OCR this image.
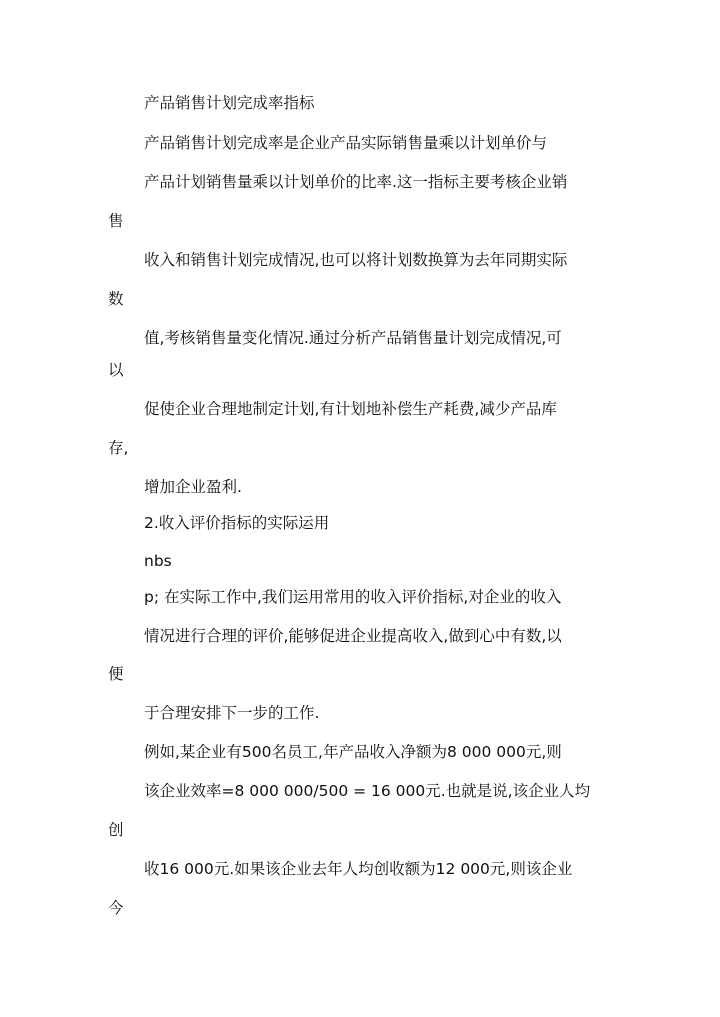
产品销售计划完成率指标
产品销售计划完成率是企业产品实际销售量乘以计划单价与
产品计划销售量乘以计划单价的比率.这一指标主要考核企业销
售
收入和销售计划完成情况,也可以将计划数换算为去年同期实际
数
值,考核销售量变化情况.通过分析产品销售量计划完成情况,可
以
促使企业合理地制定计划,有计划地补偿生产耗费,减少产品库
存,
增加企业盈利.
2.收入评价指标的实际运用
nbs
p; 在实际工作中,我们运用常用的收入评价指标,对企业的收入
情况进行合理的评价,能够促进企业提高收入,做到心中有数,以
便
于合理安排下一步的工作.
例如,某企业有500名员工,年产品收入净额为8 000 000元,则
该企业效率=8 000 000/500 = 16 000元.也就是说,该企业人均
创
收16 000元.如果该企业去年人均创收额为12 000元,则该企业
今
